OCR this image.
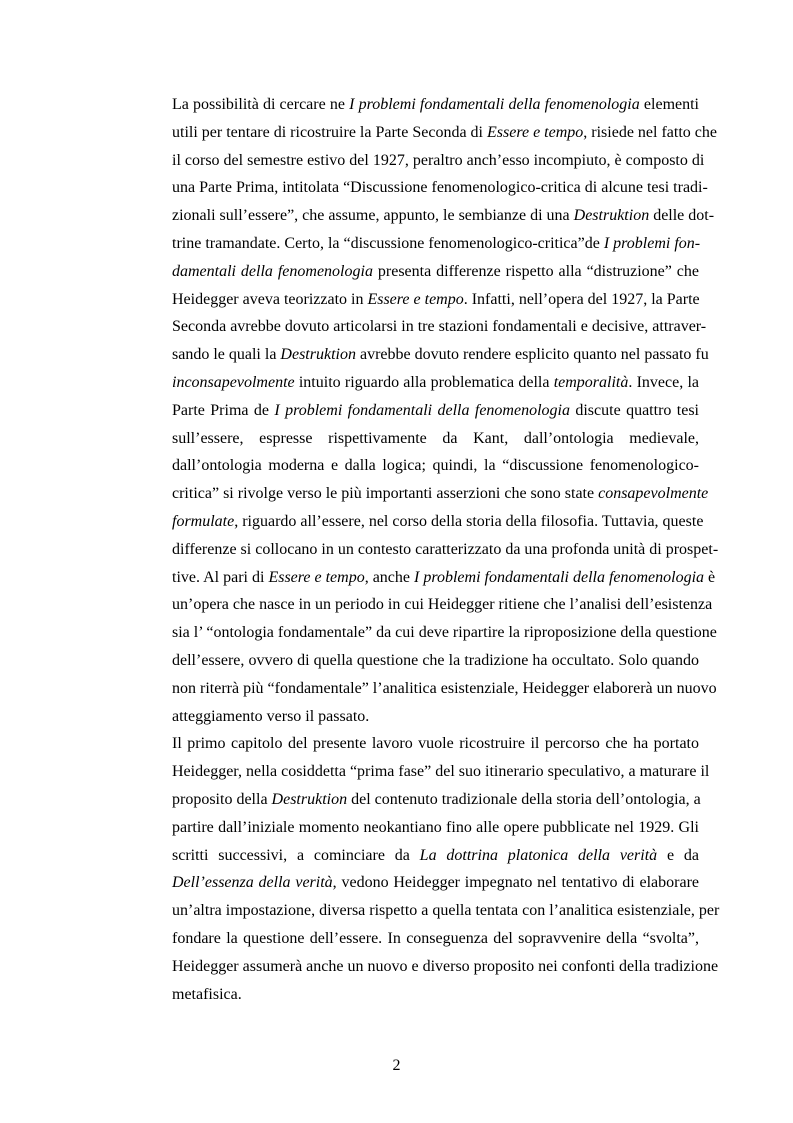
La possibilità di cercare ne I problemi fondamentali della fenomenologia elementi
utili per tentare di ricostruire la Parte Seconda di Essere e tempo, risiede nel fatto che
il corso del semestre estivo del 1927, peraltro anch’esso incompiuto, è composto di
una Parte Prima, intitolata “Discussione fenomenologico-critica di alcune tesi tradi-
zionali sull’essere”, che assume, appunto, le sembianze di una Destruktion delle dot-
trine tramandate. Certo, la “discussione fenomenologico-critica”de I problemi fon-
damentali della fenomenologia presenta differenze rispetto alla “distruzione” che
Heidegger aveva teorizzato in Essere e tempo. Infatti, nell’opera del 1927, la Parte
Seconda avrebbe dovuto articolarsi in tre stazioni fondamentali e decisive, attraver-
sando le quali la Destruktion avrebbe dovuto rendere esplicito quanto nel passato fu
inconsapevolmente intuito riguardo alla problematica della temporalità. Invece, la
Parte Prima de I problemi fondamentali della fenomenologia discute quattro tesi
sull’essere, espresse rispettivamente da Kant, dall’ontologia medievale,
dall’ontologia moderna e dalla logica; quindi, la “discussione fenomenologico-
critica” si rivolge verso le più importanti asserzioni che sono state consapevolmente
formulate, riguardo all’essere, nel corso della storia della filosofia. Tuttavia, queste
differenze si collocano in un contesto caratterizzato da una profonda unità di prospet-
tive. Al pari di Essere e tempo, anche I problemi fondamentali della fenomenologia è
un’opera che nasce in un periodo in cui Heidegger ritiene che l’analisi dell’esistenza
sia l’ “ontologia fondamentale” da cui deve ripartire la riproposizione della questione
dell’essere, ovvero di quella questione che la tradizione ha occultato. Solo quando
non riterrà più “fondamentale” l’analitica esistenziale, Heidegger elaborerà un nuovo
atteggiamento verso il passato.

Il primo capitolo del presente lavoro vuole ricostruire il percorso che ha portato
Heidegger, nella cosiddetta “prima fase” del suo itinerario speculativo, a maturare il
proposito della Destruktion del contenuto tradizionale della storia dell’ontologia, a
partire dall’iniziale momento neokantiano fino alle opere pubblicate nel 1929. Gli
scritti successivi, a cominciare da La dottrina platonica della verità e da
Dell’essenza della verità, vedono Heidegger impegnato nel tentativo di elaborare
un’altra impostazione, diversa rispetto a quella tentata con l’analitica esistenziale, per
fondare la questione dell’essere. In conseguenza del sopravvenire della “svolta”,
Heidegger assumerà anche un nuovo e diverso proposito nei confonti della tradizione
metafisica.

2
